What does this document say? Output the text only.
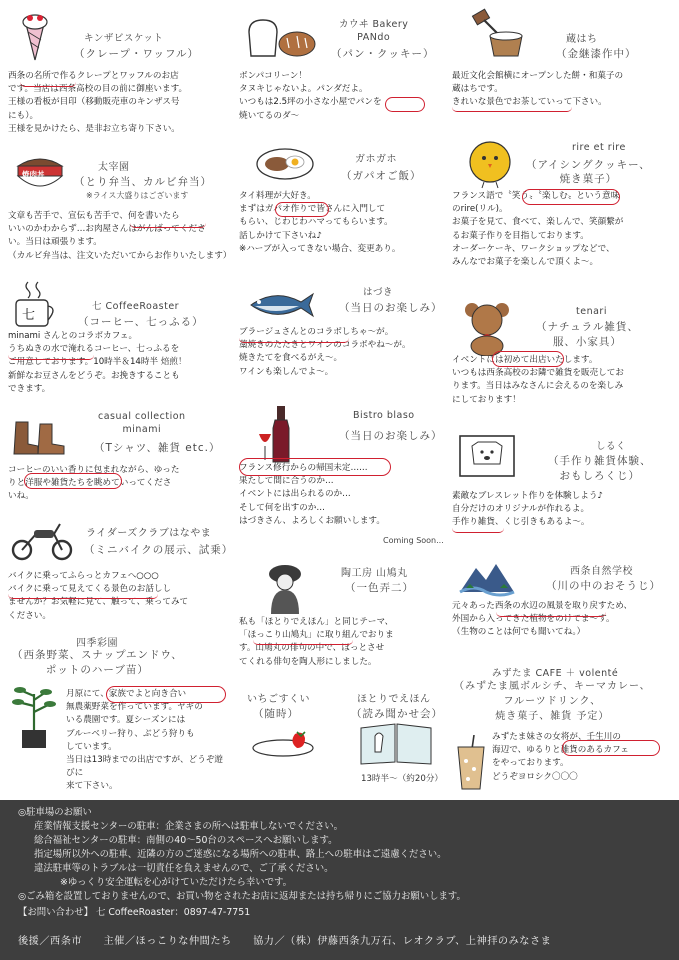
キンザビスケット
（クレープ・ワッフル）

西条の名所で作るクレープとワッフルのお店
です。当店は西条高校の目の前に御座います。
王様の看板が目印（移動販売車のキンザス号
にも）。
王様を見かけたら、是非お立ち寄り下さい。

焼肉丼
太宰園
（とり弁当、カルビ弁当）
※ライス大盛りはございます

文章も苦手で、宣伝も苦手で、何を書いたら
いいのかわからず…お肉屋さんはがんばってくださ
い。当日は頑張ります。
（カルビ弁当は、注文いただいてからお作りいたします）

七
七 CoffeeRoaster
（コーヒー、七っふる）

minami さんとのコラボカフェ。
うちぬきの水で淹れるコーヒー、七っふるを
ご用意しております。10時半＆14時半 焙煎！
新鮮なお豆さんをどうぞ。お挽きすることも
できます。

casual collection
minami
（Tシャツ、雑貨 etc.）

コーヒーのいい香りに包まれながら、ゆった
りと洋服や雑貨たちを眺めていってくださ
いね。

ライダーズクラブはなやま
（ミニバイクの展示、試乗）

バイクに乗ってふらっとカフェへ○○○
バイクに乗って見えてくる景色のお話しし
ませんか？お気軽に見て、触って、乗ってみて
ください。

四季彩園
（西条野菜、スナップエンドウ、
ポットのハーブ苗）

月原にて、家族でよと向き合い
無農薬野菜を作っています。ヤギの
いる農園です。夏シーズンには
ブルーベリー狩り、ぶどう狩りも
しています。
当日は13時までの出店ですが、どうぞ遊びに
来て下さい。

カウヰ Bakery
PANdo
（パン・クッキー）

ボンパコリーン！
タヌキじゃないよ。パンダだよ。
いつもは2.5坪の小さな小屋でパンを
焼いてるのダ〜

ガホガホ
（ガパオご飯）

タイ料理が大好き。
まずはガパオ作りで皆さんに入門して
もらい、じわじわハマってもらいます。
話しかけて下さいね♪
※ハーブが入ってきない場合、変更あり。

はづき
（当日のお楽しみ）

ブラージュさんとのコラボしちゃ〜が。
藁焼きのたたきとワインのコラボやね〜が。
焼きたてを食べるがえ〜。
ワインも楽しんでよ〜。

Bistro blaso
（当日のお楽しみ）

フランス修行からの帰国未定……
果たして間に合うのか…
イベントには出られるのか…
そして何を出すのか…
はづきさん、よろしくお願いします。

Coming Soon...
陶工房 山鳩丸
（一色弄二）

私も「ほとりでえほん」と同じテーマ、
「ほっこり山鳩丸」に取り組んでおりま
す。山鳩丸の俳句の中で、ほっとさせ
てくれる俳句を陶人形にしました。

いちごすくい
（随時）
ほとりでえほん
（読み聞かせ会）
13時半〜（約20分）
蔵はち
（金継漆作中）

最近文化会館横にオープンした餅・和菓子の
蔵はちです。
きれいな景色でお茶していって下さい。

rire et rire
（アイシングクッキー、
焼き菓子）

フランス語で〝笑う〟〝楽しむ〟という意味
のrire(リル)。
お菓子を見て、食べて、楽しんで、笑顔繋が
るお菓子作りを目指しております。
オーダーケーキ、ワークショップなどで、
みんなでお菓子を楽しんで頂くよ〜。

tenari
（ナチュラル雑貨、
服、小家具）

イベントには初めて出店いたします。
いつもは西条高校のお隣で雑貨を販売してお
ります。当日はみなさんに会えるのを楽しみ
にしております！

しるく
（手作り雑貨体験、
おもしろくじ）

素敵なブレスレット作りを体験しよう♪
自分だけのオリジナルが作れるよ。
手作り雑貨、くじ引きもあるよ〜。

西条自然学校
（川の中のおそうじ）

元々あった西条の水辺の風景を取り戻すため、
外国から入ってきた植物をのけてま〜す。
（生物のことは何でも聞いてね。）

みずたま CAFE ＋ volenté
（みずたま風ボルシチ、キーマカレー、
フルーツドリンク、
焼き菓子、雑貨 予定）

みずたま妹さの女将が、壬生川の
海辺で、ゆるりと雑貨のあるカフェ
をやっております。
どうぞヨロシク〇〇〇

◎駐車場のお願い
産業情報支援センターの駐車：企業さまの所へは駐車しないでください。
総合福祉センターの駐車：南側の40〜50台のスペースへお願いします。
指定場所以外への駐車、近隣の方のご迷惑になる場所への駐車、路上への駐車はご遠慮ください。
違法駐車等のトラブルは一切責任を負えませんので、ご了承ください。
※ゆっくり安全運転を心がけていただけたら幸いです。
◎ごみ箱を設置しておりませんので、お買い物をされたお店に返却または持ち帰りにご協力お願いします。
【お問い合わせ】 七 CoffeeRoaster：0897-47-7751
後援／西条市　　主催／ほっこりな仲間たち　　協力／（株）伊藤西条九万石、レオクラブ、上神拝のみなさま
